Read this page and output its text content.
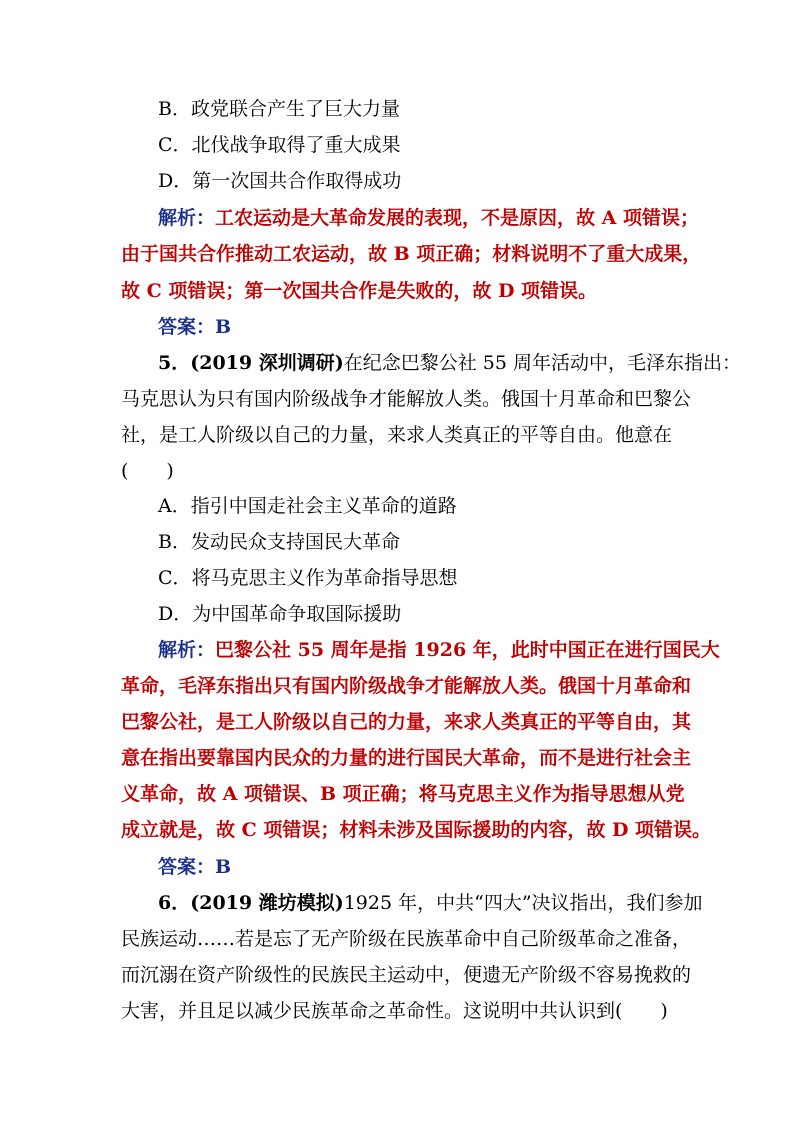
B．政党联合产生了巨大力量
C．北伐战争取得了重大成果
D．第一次国共合作取得成功
解析：工农运动是大革命发展的表现，不是原因，故 A 项错误；
由于国共合作推动工农运动，故 B 项正确；材料说明不了重大成果，
故 C 项错误；第一次国共合作是失败的，故 D 项错误。
答案：B
5．(2019 深圳调研)在纪念巴黎公社 55 周年活动中，毛泽东指出：
马克思认为只有国内阶级战争才能解放人类。俄国十月革命和巴黎公
社，是工人阶级以自己的力量，来求人类真正的平等自由。他意在
(　　)
A．指引中国走社会主义革命的道路
B．发动民众支持国民大革命
C．将马克思主义作为革命指导思想
D．为中国革命争取国际援助
解析：巴黎公社 55 周年是指 1926 年，此时中国正在进行国民大
革命，毛泽东指出只有国内阶级战争才能解放人类。俄国十月革命和
巴黎公社，是工人阶级以自己的力量，来求人类真正的平等自由，其
意在指出要靠国内民众的力量的进行国民大革命，而不是进行社会主
义革命，故 A 项错误、B 项正确；将马克思主义作为指导思想从党
成立就是，故 C 项错误；材料未涉及国际援助的内容，故 D 项错误。
答案：B
6．(2019 潍坊模拟)1925 年，中共“四大”决议指出，我们参加
民族运动……若是忘了无产阶级在民族革命中自己阶级革命之准备，
而沉溺在资产阶级性的民族民主运动中，便遗无产阶级不容易挽救的
大害，并且足以减少民族革命之革命性。这说明中共认识到(　　)
